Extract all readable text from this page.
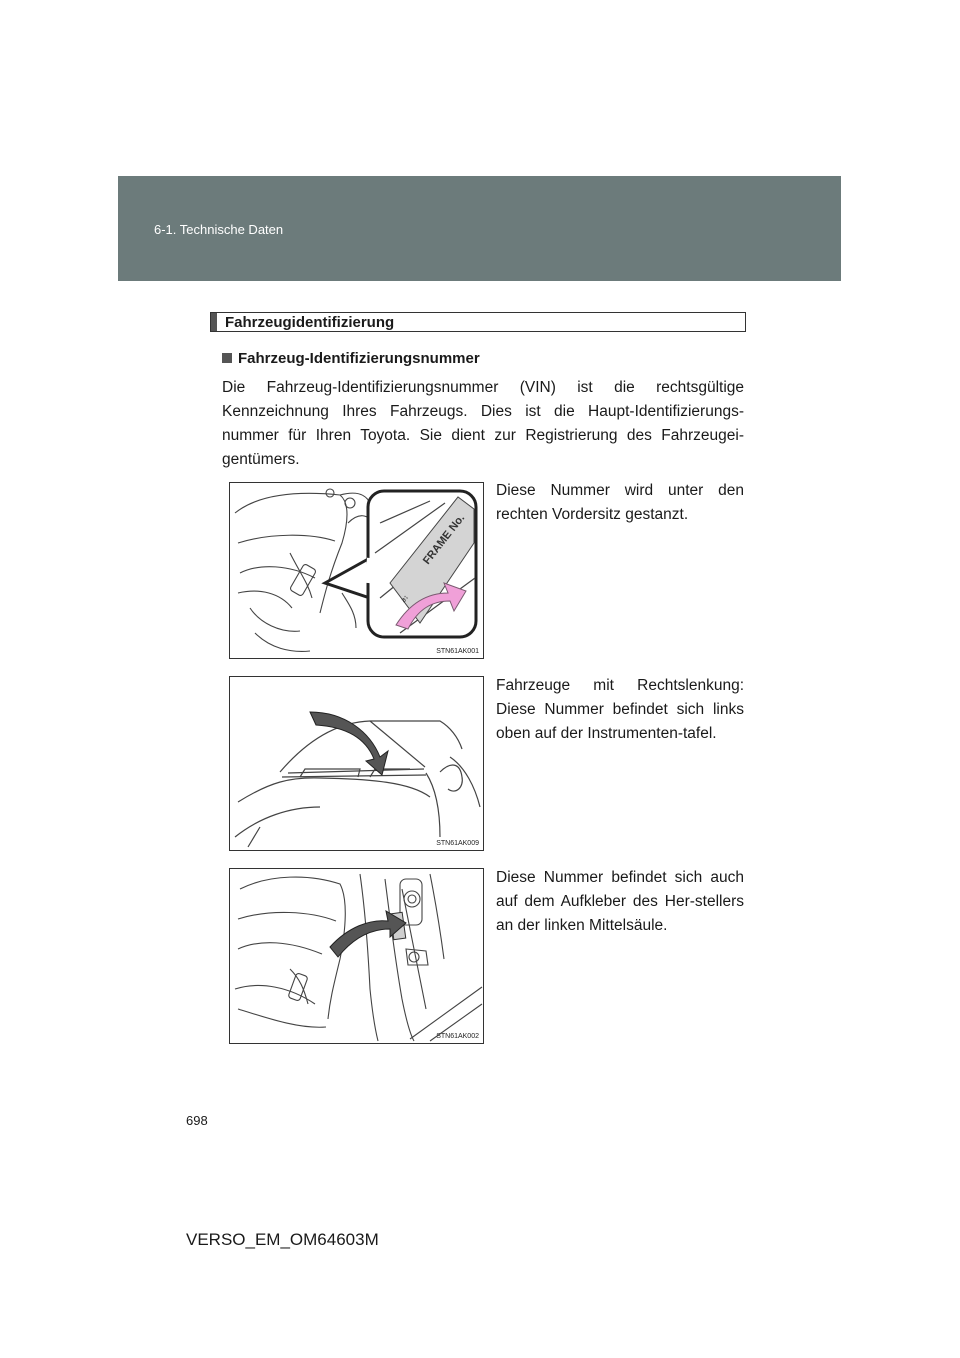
6-1. Technische Daten
Fahrzeugidentifizierung
Fahrzeug-Identifizierungsnummer
Die Fahrzeug-Identifizierungsnummer (VIN) ist die rechtsgültige Kennzeichnung Ihres Fahrzeugs. Dies ist die Haupt-Identifizierungs-nummer für Ihren Toyota. Sie dient zur Registrierung des Fahrzeugei-gentümers.
FRAME No.
ꬿ↕
STN61AK001
Diese Nummer wird unter den rechten Vordersitz gestanzt.
STN61AK009
Fahrzeuge mit Rechtslenkung: Diese Nummer befindet sich links oben auf der Instrumenten-tafel.
STN61AK002
Diese Nummer befindet sich auch auf dem Aufkleber des Her-stellers an der linken Mittelsäule.
698
VERSO_EM_OM64603M
